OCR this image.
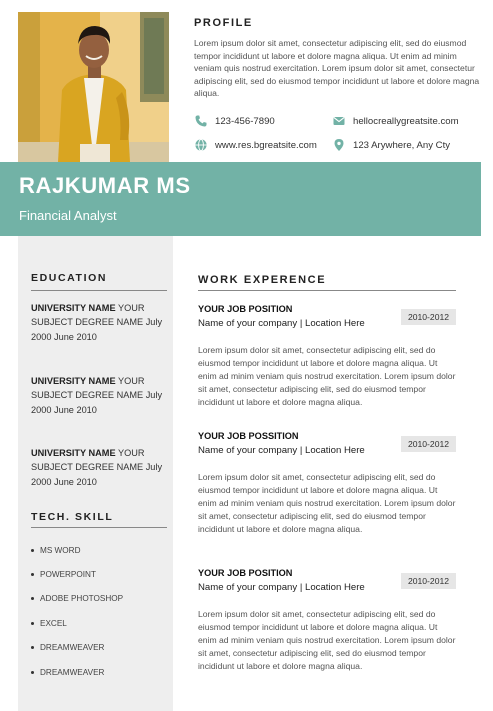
PROFILE
Lorem ipsum dolor sit amet, consectetur adipiscing elit, sed do eiusmod tempor incididunt ut labore et dolore magna aliqua. Ut enim ad minim veniam quis nostrud exercitation. Lorem ipsum dolor sit amet, consectetur adipiscing elit, sed do eiusmod tempor incididunt ut labore et dolore magna aliqua.
123-456-7890	hellocreallygreatsite.com
www.res.bgreatsite.com	123 Arywhere, Any Cty
RAJKUMAR MS
Financial Analyst
EDUCATION
UNIVERSITY NAME YOUR SUBJECT DEGREE NAME July 2000 June 2010
UNIVERSITY NAME YOUR SUBJECT DEGREE NAME July 2000 June 2010
UNIVERSITY NAME YOUR SUBJECT DEGREE NAME July 2000 June 2010
TECH. SKILL
MS WORD
POWERPOINT
ADOBE PHOTOSHOP
EXCEL
DREAMWEAVER
DREAMWEAVER
WORK EXPERENCE
YOUR JOB POSITION
Name of your company | Location Here
2010-2012
Lorem ipsum dolor sit amet, consectetur adipiscing elit, sed do eiusmod tempor incididunt ut labore et dolore magna aliqua. Ut enim ad minim veniam quis nostrud exercitation. Lorem ipsum dolor sit amet, consectetur adipiscing elit, sed do eiusmod tempor incididunt ut labore et dolore magna aliqua.
YOUR JOB POSSITION
Name of your company | Location Here
2010-2012
Lorem ipsum dolor sit amet, consectetur adipiscing elit, sed do eiusmod tempor incididunt ut labore et dolore magna aliqua. Ut enim ad minim veniam quis nostrud exercitation. Lorem ipsum dolor sit amet, consectetur adipiscing elit, sed do eiusmod tempor incididunt ut labore et dolore magna aliqua.
YOUR JOB POSITION
Name of your company | Location Here
2010-2012
Lorem ipsum dolor sit amet, consectetur adipiscing elit, sed do eiusmod tempor incididunt ut labore et dolore magna aliqua. Ut enim ad minim veniam quis nostrud exercitation. Lorem ipsum dolor sit amet, consectetur adipiscing elit, sed do eiusmod tempor incididunt ut labore et dolore magna aliqua.
